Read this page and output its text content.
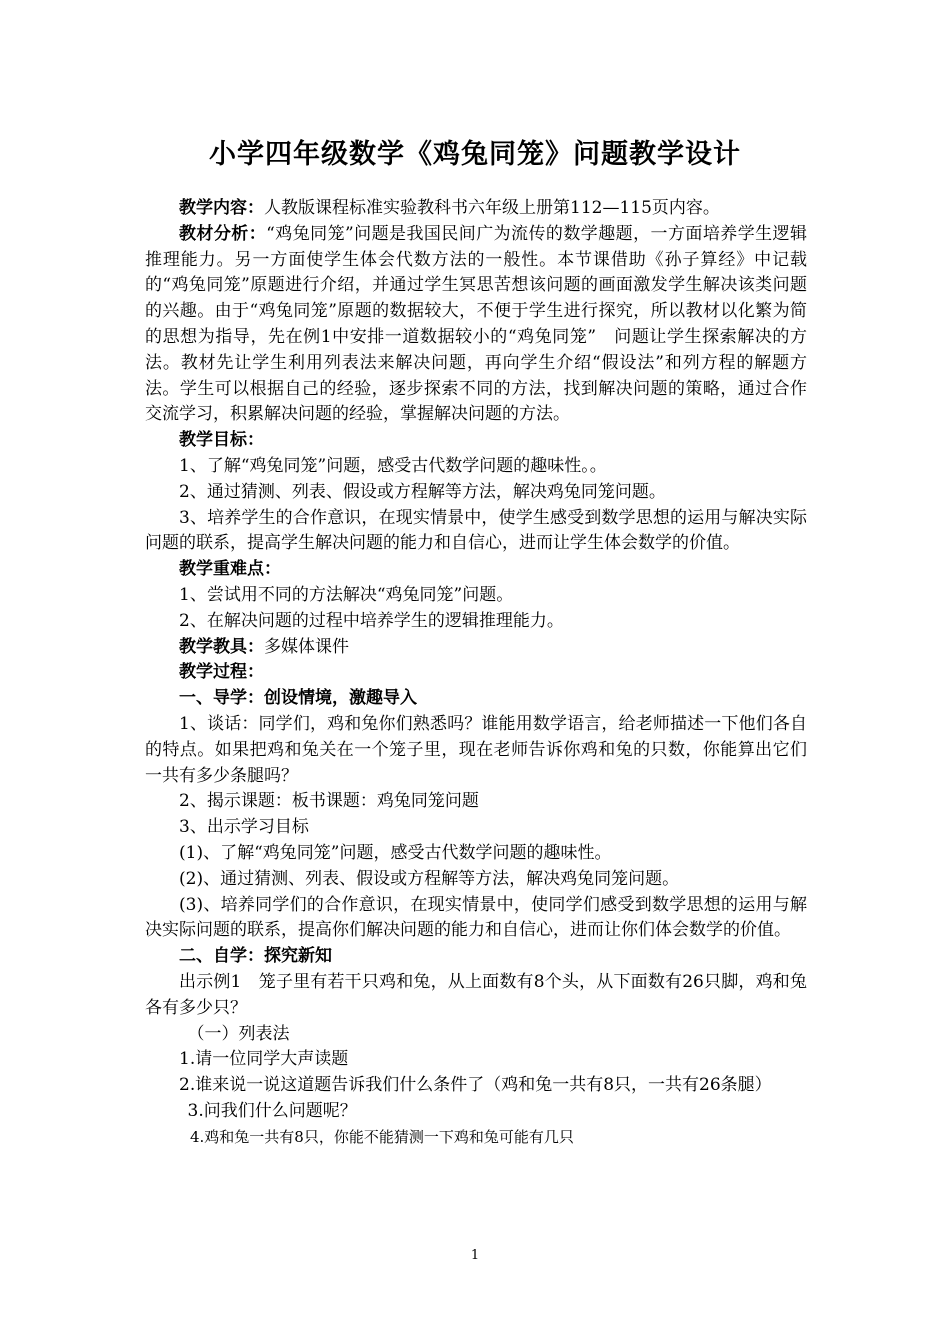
小学四年级数学《鸡兔同笼》问题教学设计

教学内容：人教版课程标准实验教科书六年级上册第112—115页内容。

教材分析：“鸡兔同笼”问题是我国民间广为流传的数学趣题，一方面培养学生逻辑推理能力。另一方面使学生体会代数方法的一般性。本节课借助《孙子算经》中记载的“鸡兔同笼”原题进行介绍，并通过学生冥思苦想该问题的画面激发学生解决该类问题的兴趣。由于“鸡兔同笼”原题的数据较大，不便于学生进行探究，所以教材以化繁为简的思想为指导，先在例1中安排一道数据较小的“鸡兔同笼”　问题让学生探索解决的方法。教材先让学生利用列表法来解决问题，再向学生介绍“假设法”和列方程的解题方法。学生可以根据自己的经验，逐步探索不同的方法，找到解决问题的策略，通过合作交流学习，积累解决问题的经验，掌握解决问题的方法。

教学目标：

1、了解“鸡兔同笼”问题，感受古代数学问题的趣味性。。

2、通过猜测、列表、假设或方程解等方法，解决鸡兔同笼问题。

3、培养学生的合作意识，在现实情景中，使学生感受到数学思想的运用与解决实际问题的联系，提高学生解决问题的能力和自信心，进而让学生体会数学的价值。

教学重难点：

1、尝试用不同的方法解决“鸡兔同笼”问题。

2、在解决问题的过程中培养学生的逻辑推理能力。

教学教具：多媒体课件

教学过程：

一、导学：创设情境，激趣导入

1、谈话：同学们，鸡和兔你们熟悉吗？谁能用数学语言，给老师描述一下他们各自的特点。如果把鸡和兔关在一个笼子里，现在老师告诉你鸡和兔的只数，你能算出它们一共有多少条腿吗？

2、揭示课题：板书课题：鸡兔同笼问题

3、出示学习目标

(1)、了解“鸡兔同笼”问题，感受古代数学问题的趣味性。

(2)、通过猜测、列表、假设或方程解等方法，解决鸡兔同笼问题。

(3)、培养同学们的合作意识，在现实情景中，使同学们感受到数学思想的运用与解决实际问题的联系，提高你们解决问题的能力和自信心，进而让你们体会数学的价值。

二、自学：探究新知

出示例1　笼子里有若干只鸡和兔，从上面数有8个头，从下面数有26只脚，鸡和兔各有多少只？

（一）列表法

1.请一位同学大声读题

2.谁来说一说这道题告诉我们什么条件了（鸡和兔一共有8只，一共有26条腿）

3.问我们什么问题呢？

4.鸡和兔一共有8只，你能不能猜测一下鸡和兔可能有几只

1
